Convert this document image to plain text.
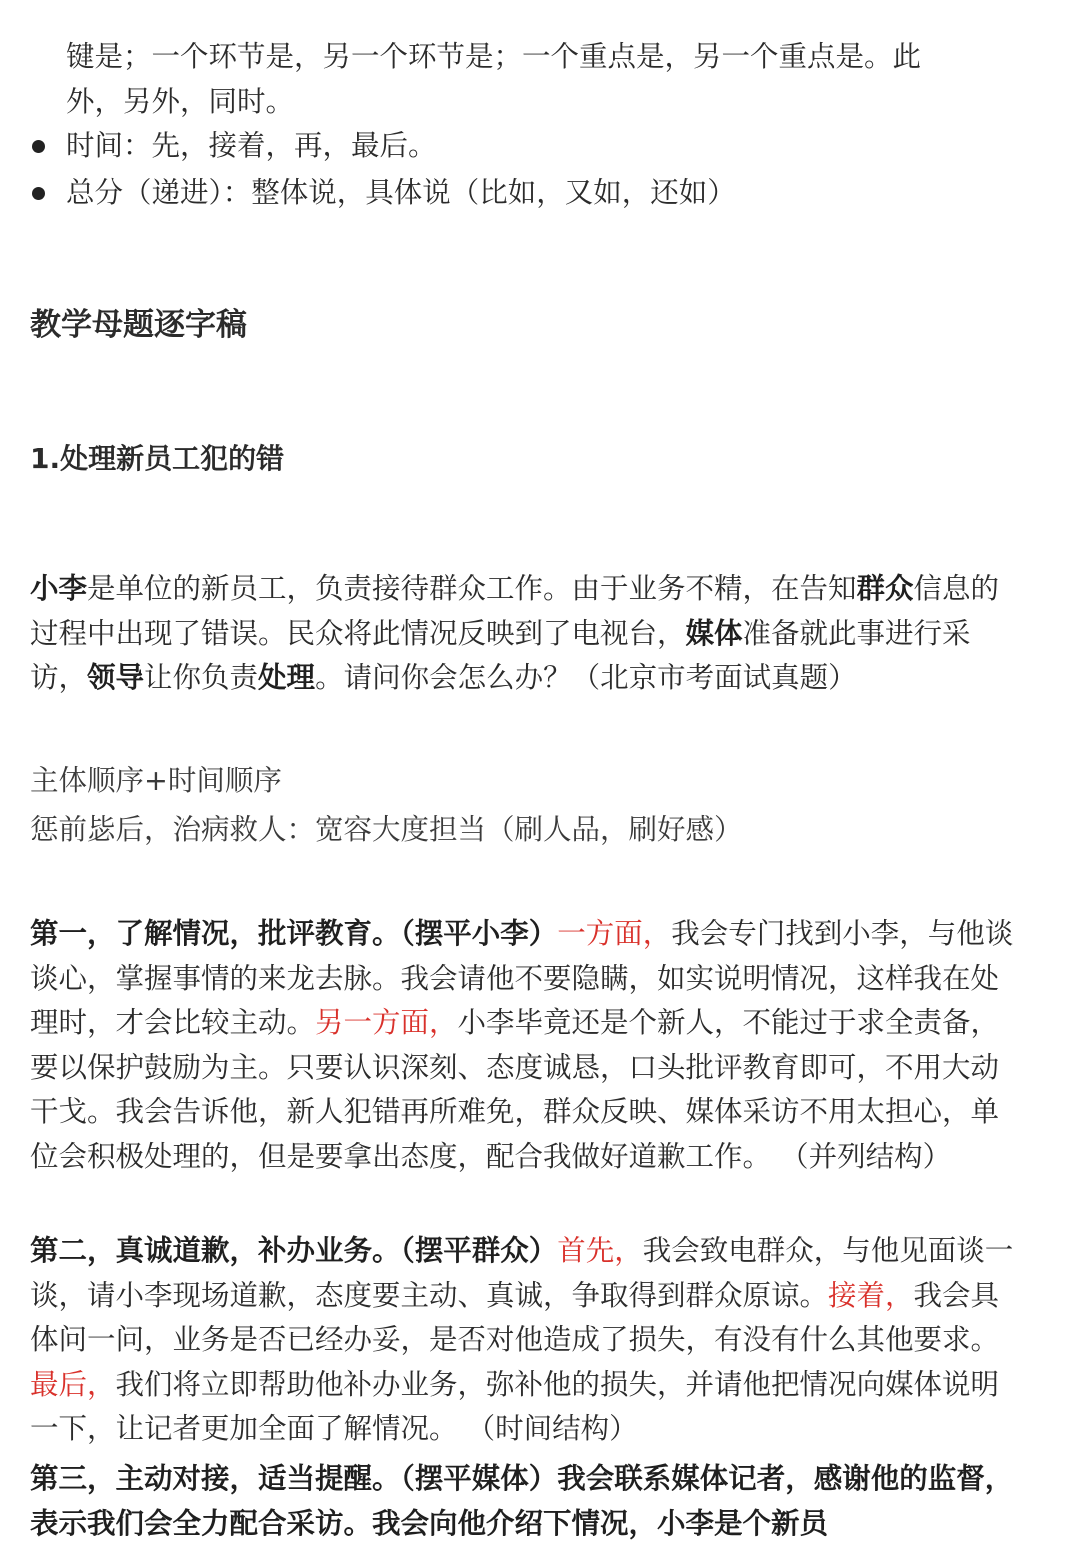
键是；一个环节是，另一个环节是；一个重点是，另一个重点是。此
外，另外，同时。

时间：先，接着，再，最后。
总分（递进）：整体说，具体说（比如，又如，还如）
教学母题逐字稿
1.处理新员工犯的错

小李是单位的新员工，负责接待群众工作。由于业务不精，在告知群众信息的过程中出现了错误。民众将此情况反映到了电视台，媒体准备就此事进行采访，领导让你负责处理。请问你会怎么办？（北京市考面试真题）

主体顺序+时间顺序
惩前毖后，治病救人：宽容大度担当（刷人品，刷好感）

第一，了解情况，批评教育。（摆平小李）一方面，我会专门找到小李，与他谈谈心，掌握事情的来龙去脉。我会请他不要隐瞒，如实说明情况，这样我在处理时，才会比较主动。另一方面，小李毕竟还是个新人，不能过于求全责备，要以保护鼓励为主。只要认识深刻、态度诚恳，口头批评教育即可，不用大动干戈。我会告诉他，新人犯错再所难免，群众反映、媒体采访不用太担心，单位会积极处理的，但是要拿出态度，配合我做好道歉工作。 （并列结构）

第二，真诚道歉，补办业务。（摆平群众）首先，我会致电群众，与他见面谈一谈，请小李现场道歉，态度要主动、真诚，争取得到群众原谅。接着，我会具体问一问，业务是否已经办妥，是否对他造成了损失，有没有什么其他要求。最后，我们将立即帮助他补办业务，弥补他的损失，并请他把情况向媒体说明一下，让记者更加全面了解情况。 （时间结构）

第三，主动对接，适当提醒。（摆平媒体）我会联系媒体记者，感谢他的监督，表示我们会全力配合采访。我会向他介绍下情况，小李是个新员
